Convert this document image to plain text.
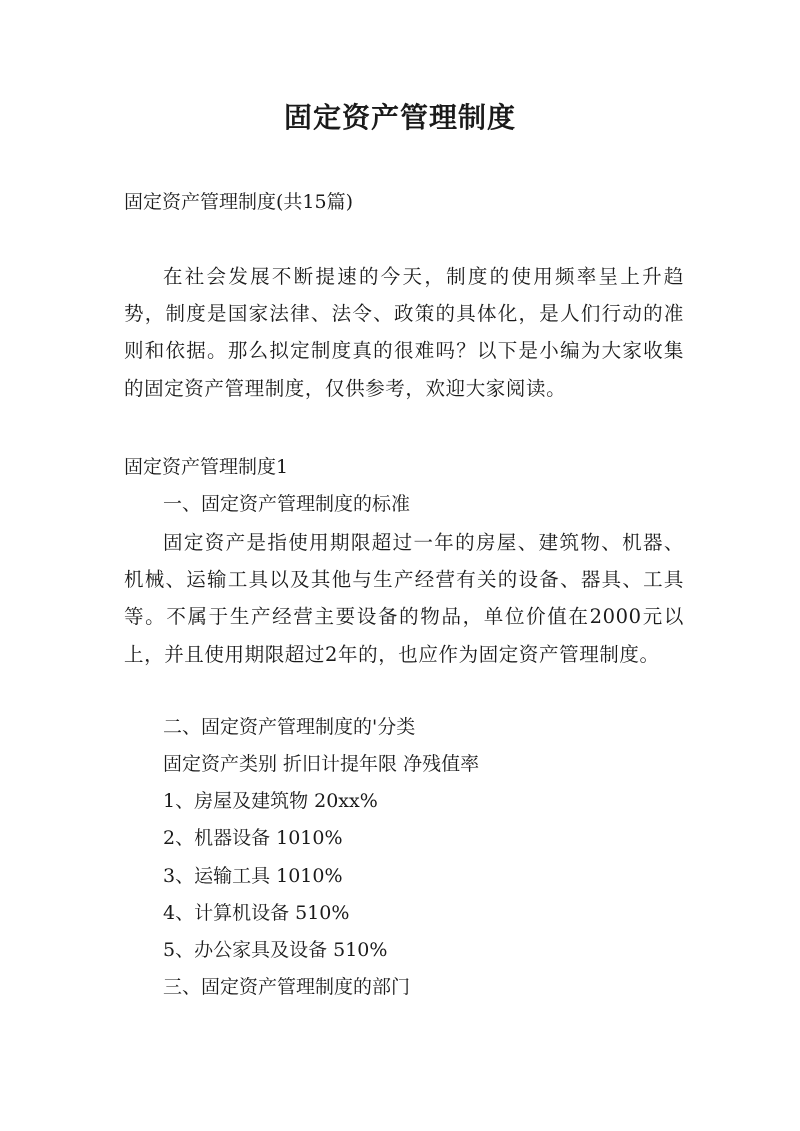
固定资产管理制度
固定资产管理制度(共15篇)
在社会发展不断提速的今天，制度的使用频率呈上升趋势，制度是国家法律、法令、政策的具体化，是人们行动的准则和依据。那么拟定制度真的很难吗？以下是小编为大家收集的固定资产管理制度，仅供参考，欢迎大家阅读。
固定资产管理制度1
一、固定资产管理制度的标准
固定资产是指使用期限超过一年的房屋、建筑物、机器、机械、运输工具以及其他与生产经营有关的设备、器具、工具等。不属于生产经营主要设备的物品，单位价值在2000元以上，并且使用期限超过2年的，也应作为固定资产管理制度。
二、固定资产管理制度的'分类
固定资产类别 折旧计提年限 净残值率
1、房屋及建筑物 20xx%
2、机器设备 1010%
3、运输工具 1010%
4、计算机设备 510%
5、办公家具及设备 510%
三、固定资产管理制度的部门
